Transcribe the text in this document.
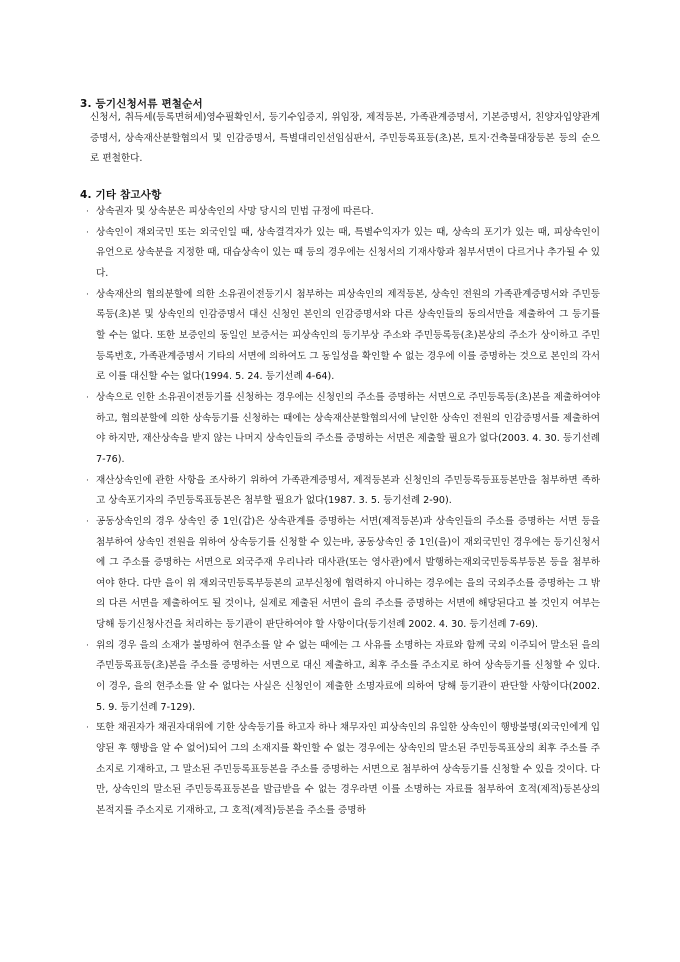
3. 등기신청서류 편철순서
신청서, 취득세(등록면허세)영수필확인서, 등기수입증지, 위임장, 제적등본, 가족관계증명서, 기본증명서, 친양자입양관계증명서, 상속재산분할협의서 및 인감증명서, 특별대리인선임심판서, 주민등록표등(초)본, 토지·건축물대장등본 등의 순으로 편철한다.
4. 기타 참고사항
· 상속권자 및 상속분은 피상속인의 사망 당시의 민법 규정에 따른다.
· 상속인이 재외국민 또는 외국인일 때, 상속결격자가 있는 때, 특별수익자가 있는 때, 상속의 포기가 있는 때, 피상속인이 유언으로 상속분을 지정한 때, 대습상속이 있는 때 등의 경우에는 신청서의 기재사항과 첨부서면이 다르거나 추가될 수 있다.
· 상속재산의 협의분할에 의한 소유권이전등기시 첨부하는 피상속인의 제적등본, 상속인 전원의 가족관계증명서와 주민등록등(초)본 및 상속인의 인감증명서 대신 신청인 본인의 인감증명서와 다른 상속인들의 동의서만을 제출하여 그 등기를 할 수는 없다. 또한 보증인의 동일인 보증서는 피상속인의 등기부상 주소와 주민등록등(초)본상의 주소가 상이하고 주민등록번호, 가족관계증명서 기타의 서면에 의하여도 그 동일성을 확인할 수 없는 경우에 이를 증명하는 것으로 본인의 각서로 이를 대신할 수는 없다(1994. 5. 24. 등기선례 4-64).
· 상속으로 인한 소유권이전등기를 신청하는 경우에는 신청인의 주소를 증명하는 서면으로 주민등록등(초)본을 제출하여야 하고, 협의분할에 의한 상속등기를 신청하는 때에는 상속재산분할협의서에 날인한 상속인 전원의 인감증명서를 제출하여야 하지만, 재산상속을 받지 않는 나머지 상속인들의 주소를 증명하는 서면은 제출할 필요가 없다(2003. 4. 30. 등기선례 7-76).
· 재산상속인에 관한 사항을 조사하기 위하여 가족관계증명서, 제적등본과 신청인의 주민등록등표등본만을 첨부하면 족하고 상속포기자의 주민등록표등본은 첨부할 필요가 없다(1987. 3. 5. 등기선례 2-90).
· 공동상속인의 경우 상속인 중 1인(갑)은 상속관계를 증명하는 서면(제적등본)과 상속인들의 주소를 증명하는 서면 등을 첨부하여 상속인 전원을 위하여 상속등기를 신청할 수 있는바, 공동상속인 중 1인(을)이 재외국민인 경우에는 등기신청서에 그 주소를 증명하는 서면으로 외국주재 우리나라 대사관(또는 영사관)에서 발행하는재외국민등록부등본 등을 첨부하여야 한다. 다만 을이 위 재외국민등록부등본의 교부신청에 협력하지 아니하는 경우에는 을의 국외주소를 증명하는 그 밖의 다른 서면을 제출하여도 될 것이나, 실제로 제출된 서면이 을의 주소를 증명하는 서면에 해당된다고 볼 것인지 여부는 당해 등기신청사건을 처리하는 등기관이 판단하여야 할 사항이다(등기선례 2002. 4. 30. 등기선례 7-69).
· 위의 경우 을의 소재가 불명하여 현주소를 알 수 없는 때에는 그 사유를 소명하는 자료와 함께 국외 이주되어 말소된 을의 주민등록표등(초)본을 주소를 증명하는 서면으로 대신 제출하고, 최후 주소를 주소지로 하여 상속등기를 신청할 수 있다. 이 경우, 을의 현주소를 알 수 없다는 사실은 신청인이 제출한 소명자료에 의하여 당해 등기관이 판단할 사항이다(2002. 5. 9. 등기선례 7-129).
· 또한 채권자가 채권자대위에 기한 상속등기를 하고자 하나 채무자인 피상속인의 유일한 상속인이 행방불명(외국인에게 입양된 후 행방을 알 수 없어)되어 그의 소재지를 확인할 수 없는 경우에는 상속인의 말소된 주민등록표상의 최후 주소를 주소지로 기재하고, 그 말소된 주민등록표등본을 주소를 증명하는 서면으로 첨부하여 상속등기를 신청할 수 있을 것이다. 다만, 상속인의 말소된 주민등록표등본을 발급받을 수 없는 경우라면 이를 소명하는 자료를 첨부하여 호적(제적)등본상의 본적지를 주소지로 기재하고, 그 호적(제적)등본을 주소를 증명하
